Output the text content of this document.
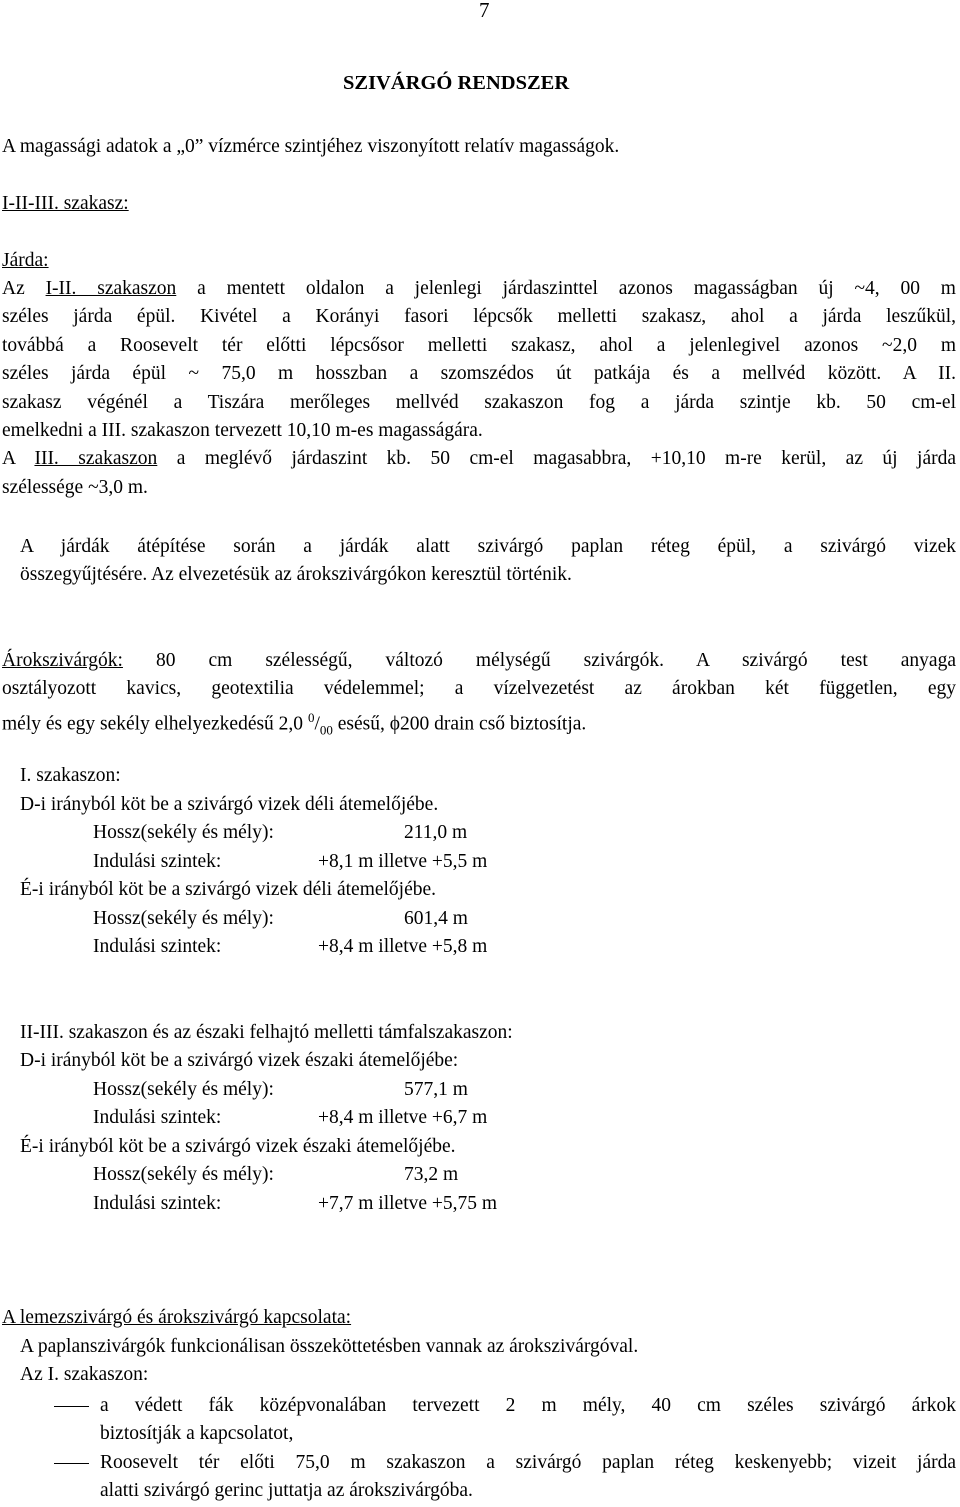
7
SZIVÁRGÓ RENDSZER
A magassági adatok a „0” vízmérce szintjéhez viszonyított relatív magasságok.
I-II-III. szakasz:
Járda:
Az I-II. szakaszon a mentett oldalon a jelenlegi járdaszinttel azonos magasságban új ~4, 00 m
széles járda épül. Kivétel a Korányi fasori lépcsők melletti szakasz, ahol a járda leszűkül,
továbbá a Roosevelt tér előtti lépcsősor melletti szakasz, ahol a jelenlegivel azonos ~2,0 m
széles járda épül ~ 75,0 m hosszban a szomszédos út patkája és a mellvéd között. A II.
szakasz végénél a Tiszára merőleges mellvéd szakaszon fog a járda szintje kb. 50 cm-el
emelkedni a III. szakaszon tervezett 10,10 m-es magasságára.
A III. szakaszon a meglévő járdaszint kb. 50 cm-el magasabbra, +10,10 m-re kerül, az új járda
szélessége ~3,0 m.
A járdák átépítése során a járdák alatt szivárgó paplan réteg épül, a szivárgó vizek
összegyűjtésére. Az elvezetésük az árokszivárgókon keresztül történik.
Árokszivárgók: 80 cm szélességű, változó mélységű szivárgók. A szivárgó test anyaga
osztályozott kavics, geotextilia védelemmel; a vízelvezetést az árokban két független, egy
mély és egy sekély elhelyezkedésű 2,0 $^0/_{00}$ esésű, ϕ200 drain cső biztosítja.
I. szakaszon:
D-i irányból köt be a szivárgó vizek déli átemelőjébe.
Hossz(sekély és mély):	211,0 m
Indulási szintek:	+8,1 m illetve +5,5 m
É-i irányból köt be a szivárgó vizek déli átemelőjébe.
Hossz(sekély és mély):	601,4 m
Indulási szintek:	+8,4 m illetve +5,8 m
II-III. szakaszon és az északi felhajtó melletti támfalszakaszon:
D-i irányból köt be a szivárgó vizek északi átemelőjébe:
Hossz(sekély és mély):	577,1 m
Indulási szintek:	+8,4 m illetve +6,7 m
É-i irányból köt be a szivárgó vizek északi átemelőjébe.
Hossz(sekély és mély):	73,2 m
Indulási szintek:	+7,7 m illetve +5,75 m
A lemezszivárgó és árokszivárgó kapcsolata:
A paplanszivárgók funkcionálisan összeköttetésben vannak az árokszivárgóval.
Az I. szakaszon:
a védett fák középvonalában tervezett 2 m mély, 40 cm széles szivárgó árkok
biztosítják a kapcsolatot,
Roosevelt tér előti 75,0 m szakaszon a szivárgó paplan réteg keskenyebb; vizeit járda
alatti szivárgó gerinc juttatja az árokszivárgóba.
